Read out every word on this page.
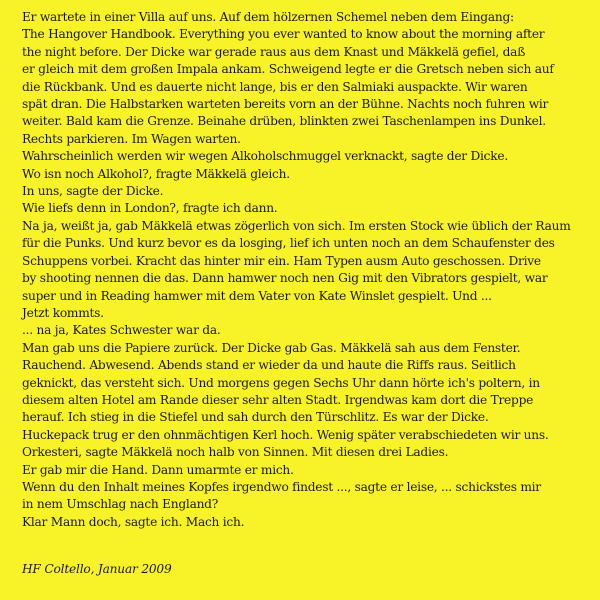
Er wartete in einer Villa auf uns. Auf dem hölzernen Schemel neben dem Eingang:
The Hangover Handbook. Everything you ever wanted to know about the morning after
the night before. Der Dicke war gerade raus aus dem Knast und Mäkkelä gefiel, daß
er gleich mit dem großen Impala ankam. Schweigend legte er die Gretsch neben sich auf
die Rückbank. Und es dauerte nicht lange, bis er den Salmiaki auspackte. Wir waren
spät dran. Die Halbstarken warteten bereits vorn an der Bühne. Nachts noch fuhren wir
weiter. Bald kam die Grenze. Beinahe drüben, blinkten zwei Taschenlampen ins Dunkel.
Rechts parkieren. Im Wagen warten.
Wahrscheinlich werden wir wegen Alkoholschmuggel verknackt, sagte der Dicke.
Wo isn noch Alkohol?, fragte Mäkkelä gleich.
In uns, sagte der Dicke.
Wie liefs denn in London?, fragte ich dann.
Na ja, weißt ja, gab Mäkkelä etwas zögerlich von sich. Im ersten Stock wie üblich der Raum
für die Punks. Und kurz bevor es da losging, lief ich unten noch an dem Schaufenster des
Schuppens vorbei. Kracht das hinter mir ein. Ham Typen ausm Auto geschossen. Drive
by shooting nennen die das. Dann hamwer noch nen Gig mit den Vibrators gespielt, war
super und in Reading hamwer mit dem Vater von Kate Winslet gespielt. Und ...
Jetzt kommts.
... na ja, Kates Schwester war da.
Man gab uns die Papiere zurück. Der Dicke gab Gas. Mäkkelä sah aus dem Fenster.
Rauchend. Abwesend. Abends stand er wieder da und haute die Riffs raus. Seitlich
geknickt, das versteht sich. Und morgens gegen Sechs Uhr dann hörte ich's poltern, in
diesem alten Hotel am Rande dieser sehr alten Stadt. Irgendwas kam dort die Treppe
herauf. Ich stieg in die Stiefel und sah durch den Türschlitz. Es war der Dicke.
Huckepack trug er den ohnmächtigen Kerl hoch. Wenig später verabschiedeten wir uns.
Orkesteri, sagte Mäkkelä noch halb von Sinnen. Mit diesen drei Ladies.
Er gab mir die Hand. Dann umarmte er mich.
Wenn du den Inhalt meines Kopfes irgendwo findest ..., sagte er leise, ... schickstes mir
in nem Umschlag nach England?
Klar Mann doch, sagte ich. Mach ich.
HF Coltello, Januar 2009
